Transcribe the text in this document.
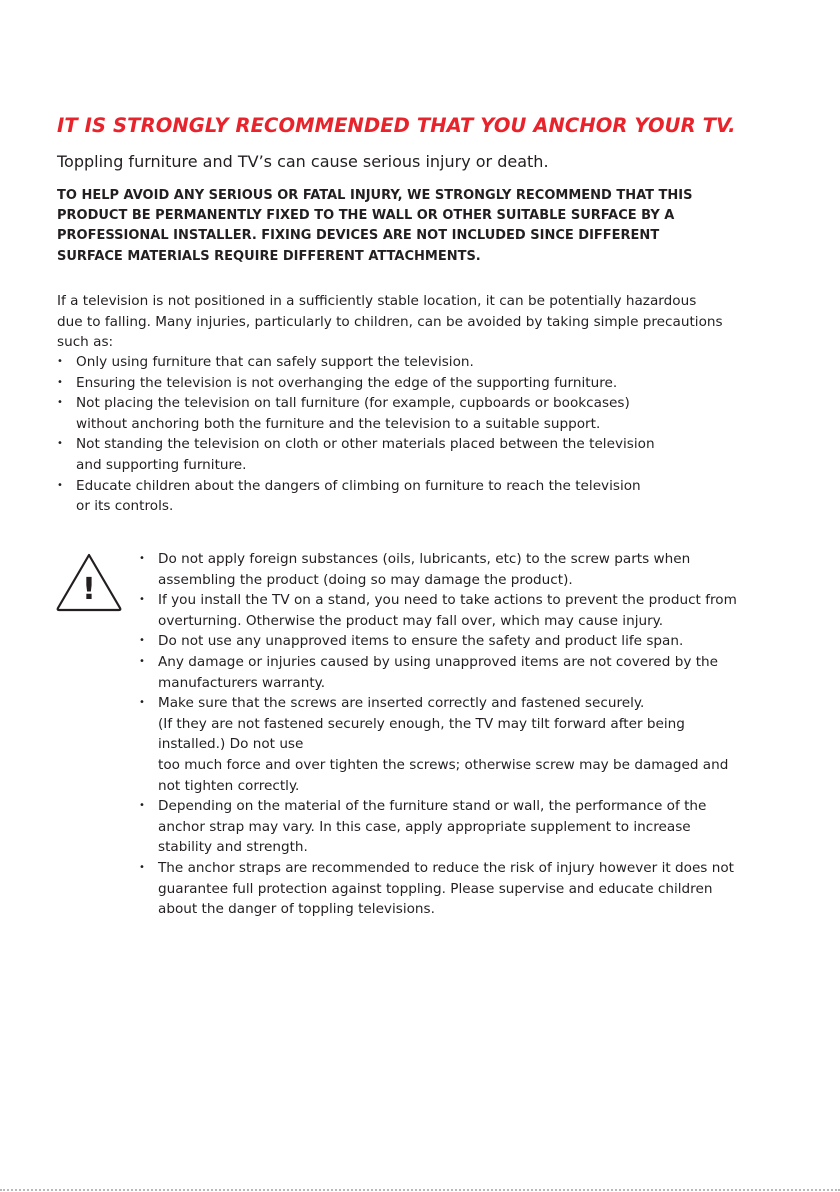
IT IS STRONGLY RECOMMENDED THAT YOU ANCHOR YOUR TV.

Toppling furniture and TV’s can cause serious injury or death.

TO HELP AVOID ANY SERIOUS OR FATAL INJURY, WE STRONGLY RECOMMEND THAT THIS
PRODUCT BE PERMANENTLY FIXED TO THE WALL OR OTHER SUITABLE SURFACE BY A
PROFESSIONAL INSTALLER. FIXING DEVICES ARE NOT INCLUDED SINCE DIFFERENT
SURFACE MATERIALS REQUIRE DIFFERENT ATTACHMENTS.

If a television is not positioned in a sufficiently stable location, it can be potentially hazardous
due to falling. Many injuries, particularly to children, can be avoided by taking simple precautions
such as:

• Only using furniture that can safely support the television.
• Ensuring the television is not overhanging the edge of the supporting furniture.
• Not placing the television on tall furniture (for example, cupboards or bookcases)
without anchoring both the furniture and the television to a suitable support.
• Not standing the television on cloth or other materials placed between the television
and supporting furniture.
• Educate children about the dangers of climbing on furniture to reach the television
or its controls.
!
• Do not apply foreign substances (oils, lubricants, etc) to the screw parts when
assembling the product (doing so may damage the product).
• If you install the TV on a stand, you need to take actions to prevent the product from
overturning. Otherwise the product may fall over, which may cause injury.
• Do not use any unapproved items to ensure the safety and product life span.
• Any damage or injuries caused by using unapproved items are not covered by the
manufacturers warranty.
• Make sure that the screws are inserted correctly and fastened securely.
(If they are not fastened securely enough, the TV may tilt forward after being
installed.) Do not use
too much force and over tighten the screws; otherwise screw may be damaged and
not tighten correctly.
• Depending on the material of the furniture stand or wall, the performance of the
anchor strap may vary. In this case, apply appropriate supplement to increase
stability and strength.
• The anchor straps are recommended to reduce the risk of injury however it does not
guarantee full protection against toppling. Please supervise and educate children
about the danger of toppling televisions.
